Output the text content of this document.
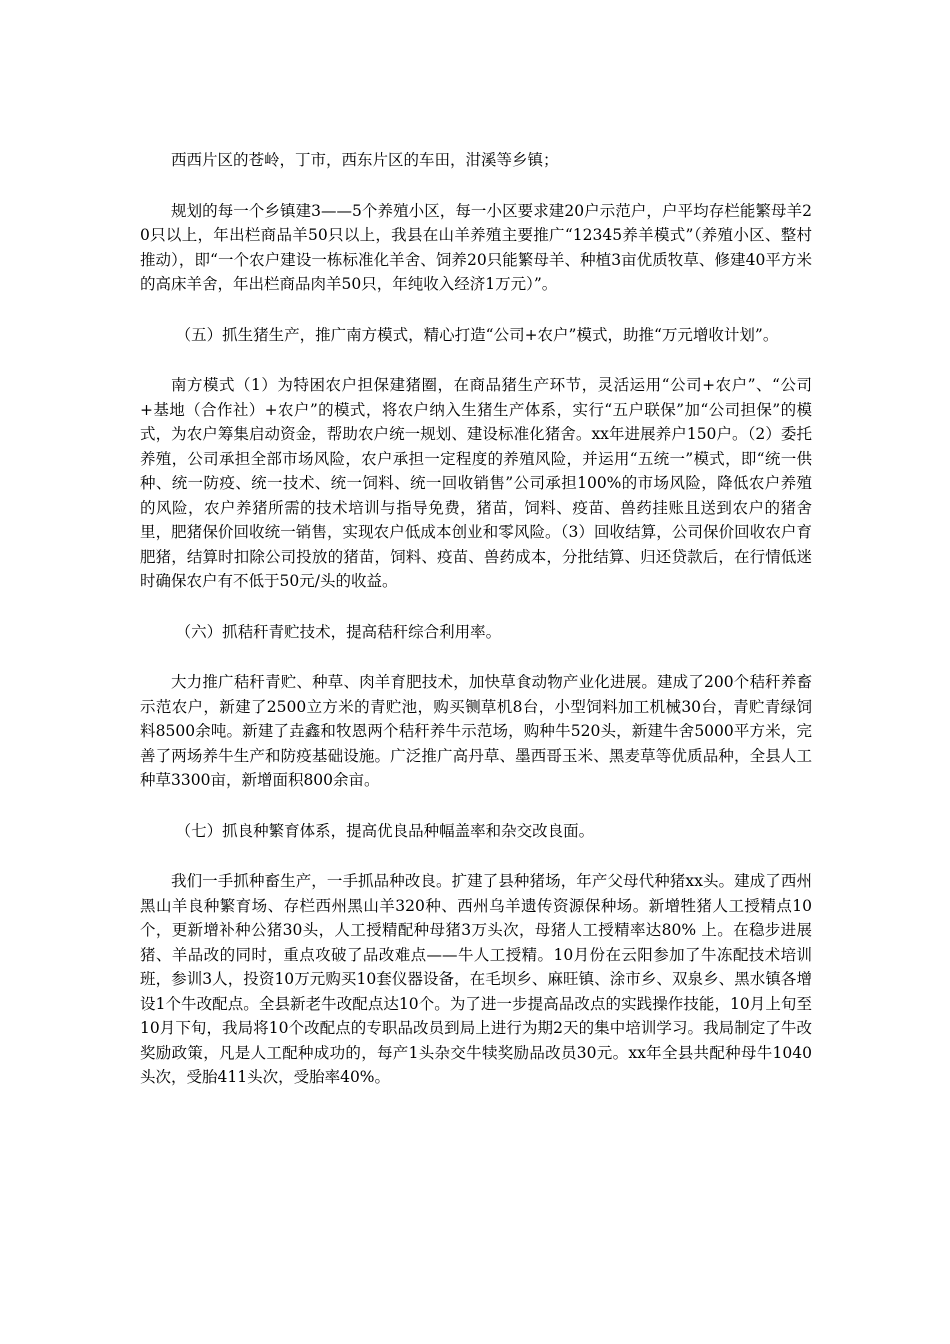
西西片区的苍岭，丁市，西东片区的车田，泔溪等乡镇；

规划的每一个乡镇建3——5个养殖小区，每一小区要求建20户示范户，户平均存栏能繁母羊20只以上，年出栏商品羊50只以上，我县在山羊养殖主要推广“12345养羊模式”（养殖小区、整村推动），即“一个农户建设一栋标准化羊舍、饲养20只能繁母羊、种植3亩优质牧草、修建40平方米的高床羊舍，年出栏商品肉羊50只，年纯收入经济1万元）”。

（五）抓生猪生产，推广南方模式，精心打造“公司+农户”模式，助推“万元增收计划”。

南方模式（1）为特困农户担保建猪圈，在商品猪生产环节，灵活运用“公司+农户”、“公司+基地（合作社）+农户”的模式，将农户纳入生猪生产体系，实行“五户联保”加“公司担保”的模式，为农户筹集启动资金，帮助农户统一规划、建设标准化猪舍。xx年进展养户150户。（2）委托养殖，公司承担全部市场风险，农户承担一定程度的养殖风险，并运用“五统一”模式，即“统一供种、统一防疫、统一技术、统一饲料、统一回收销售”公司承担100%的市场风险，降低农户养殖的风险，农户养猪所需的技术培训与指导免费，猪苗，饲料、疫苗、兽药挂账且送到农户的猪舍里，肥猪保价回收统一销售，实现农户低成本创业和零风险。（3）回收结算，公司保价回收农户育肥猪，结算时扣除公司投放的猪苗，饲料、疫苗、兽药成本，分批结算、归还贷款后，在行情低迷时确保农户有不低于50元/头的收益。

（六）抓秸秆青贮技术，提高秸秆综合利用率。

大力推广秸秆青贮、种草、肉羊育肥技术，加快草食动物产业化进展。建成了200个秸秆养畜示范农户，新建了2500立方米的青贮池，购买铡草机8台，小型饲料加工机械30台，青贮青绿饲料8500余吨。新建了垚鑫和牧恩两个秸秆养牛示范场，购种牛520头，新建牛舍5000平方米，完善了两场养牛生产和防疫基础设施。广泛推广高丹草、墨西哥玉米、黑麦草等优质品种，全县人工种草3300亩，新增面积800余亩。

（七）抓良种繁育体系，提高优良品种幅盖率和杂交改良面。

我们一手抓种畜生产，一手抓品种改良。扩建了县种猪场，年产父母代种猪xx头。建成了西州黑山羊良种繁育场、存栏西州黑山羊320种、西州乌羊遗传资源保种场。新增牲猪人工授精点10个，更新增补种公猪30头，人工授精配种母猪3万头次，母猪人工授精率达80% 上。在稳步进展猪、羊品改的同时，重点攻破了品改难点——牛人工授精。10月份在云阳参加了牛冻配技术培训班，参训3人，投资10万元购买10套仪器设备，在毛坝乡、麻旺镇、涂市乡、双泉乡、黑水镇各增设1个牛改配点。全县新老牛改配点达10个。为了进一步提高品改点的实践操作技能，10月上旬至10月下旬，我局将10个改配点的专职品改员到局上进行为期2天的集中培训学习。我局制定了牛改奖励政策，凡是人工配种成功的，每产1头杂交牛犊奖励品改员30元。xx年全县共配种母牛1040头次，受胎411头次，受胎率40%。
